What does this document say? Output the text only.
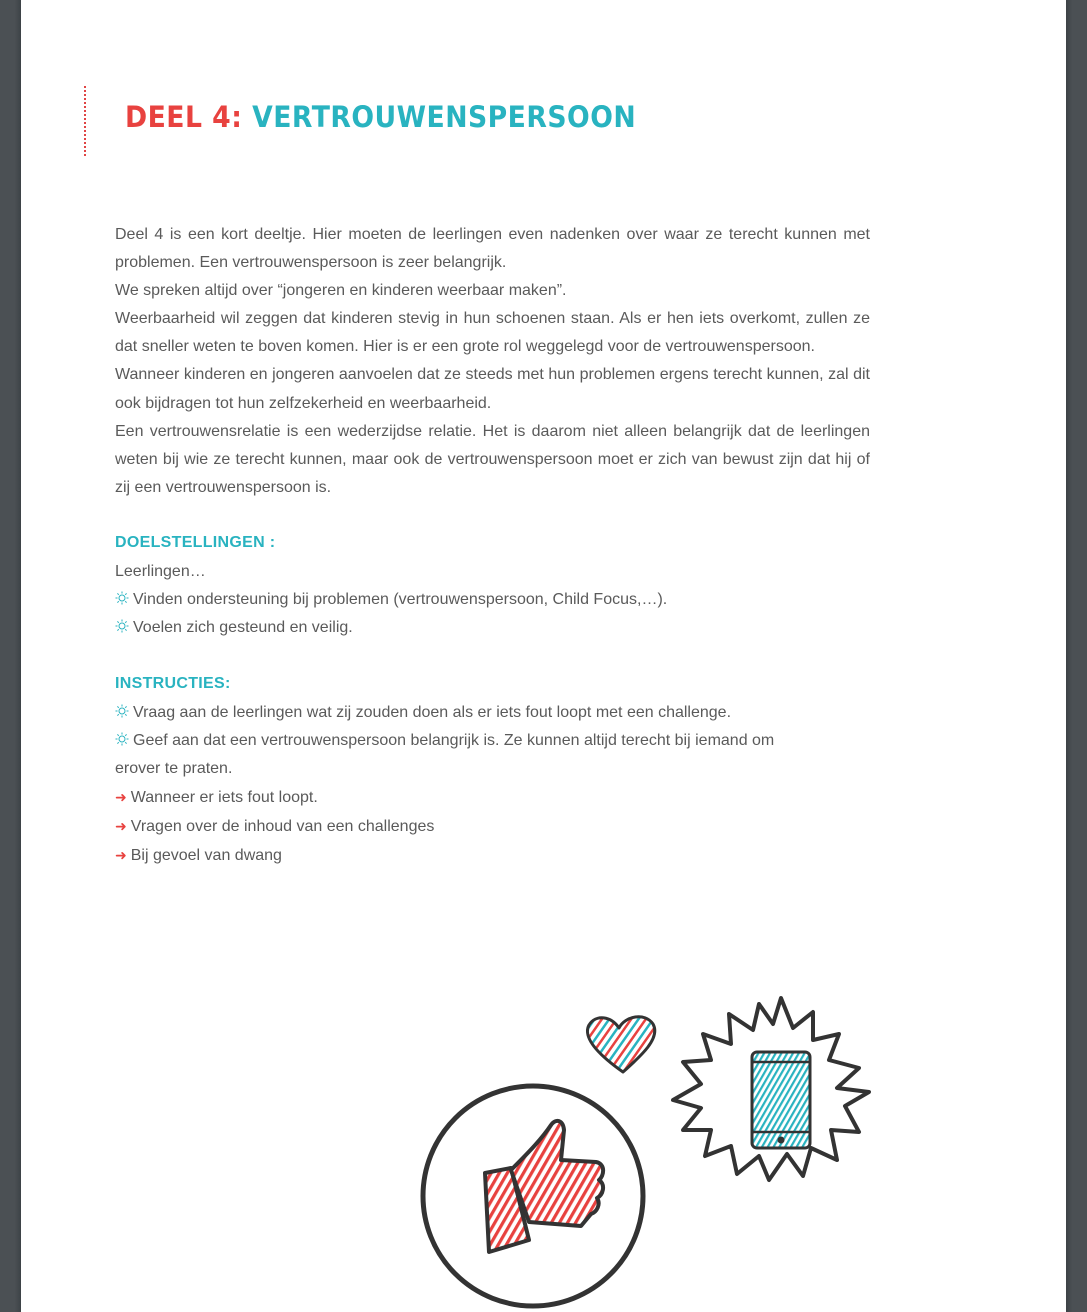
DEEL 4: VERTROUWENSPERSOON

Deel 4 is een kort deeltje. Hier moeten de leerlingen even nadenken over waar ze terecht kunnen met problemen. Een vertrouwenspersoon is zeer belangrijk.

We spreken altijd over “jongeren en kinderen weerbaar maken”.

Weerbaarheid wil zeggen dat kinderen stevig in hun schoenen staan. Als er hen iets overkomt, zullen ze dat sneller weten te boven komen. Hier is er een grote rol weggelegd voor de vertrouwenspersoon.

Wanneer kinderen en jongeren aanvoelen dat ze steeds met hun problemen ergens terecht kunnen, zal dit ook bijdragen tot hun zelfzekerheid en weerbaarheid.

Een vertrouwensrelatie is een wederzijdse relatie. Het is daarom niet alleen belangrijk dat de leerlingen weten bij wie ze terecht kunnen, maar ook de vertrouwenspersoon moet er zich van bewust zijn dat hij of zij een vertrouwenspersoon is.

DOELSTELLINGEN :
Leerlingen…
Vinden ondersteuning bij problemen (vertrouwenspersoon, Child Focus,…).
Voelen zich gesteund en veilig.
INSTRUCTIES:
Vraag aan de leerlingen wat zij zouden doen als er iets fout loopt met een challenge.
Geef aan dat een vertrouwenspersoon belangrijk is. Ze kunnen altijd terecht bij iemand om
erover te praten.
➜ Wanneer er iets fout loopt.
➜ Vragen over de inhoud van een challenges
➜ Bij gevoel van dwang
